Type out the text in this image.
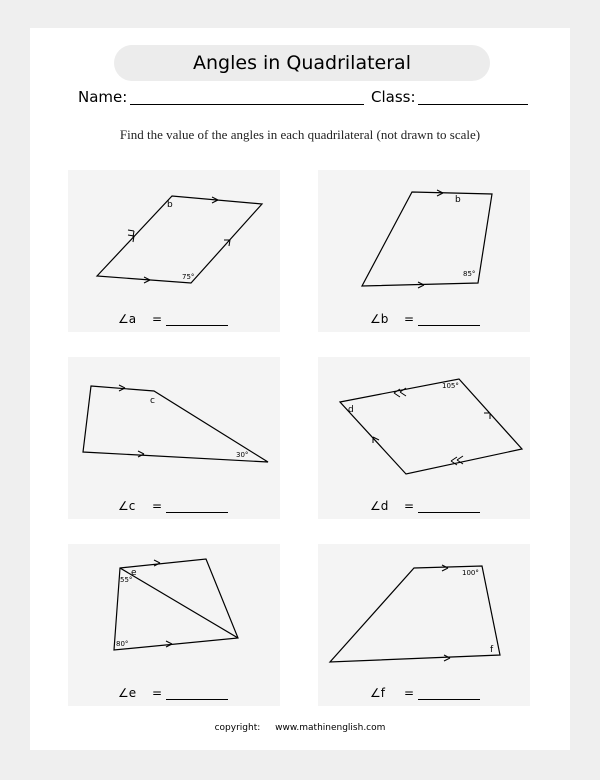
Angles in Quadrilateral
Name:	Class:
Find the value of the angles in each quadrilateral (not drawn to scale)
b
75°
∠a =
b
85°
∠b =
c
30°
∠c =
d
105°
∠d =
e
55°
80°
∠e =
f
100°
∠f =
copyright: www.mathinenglish.com
